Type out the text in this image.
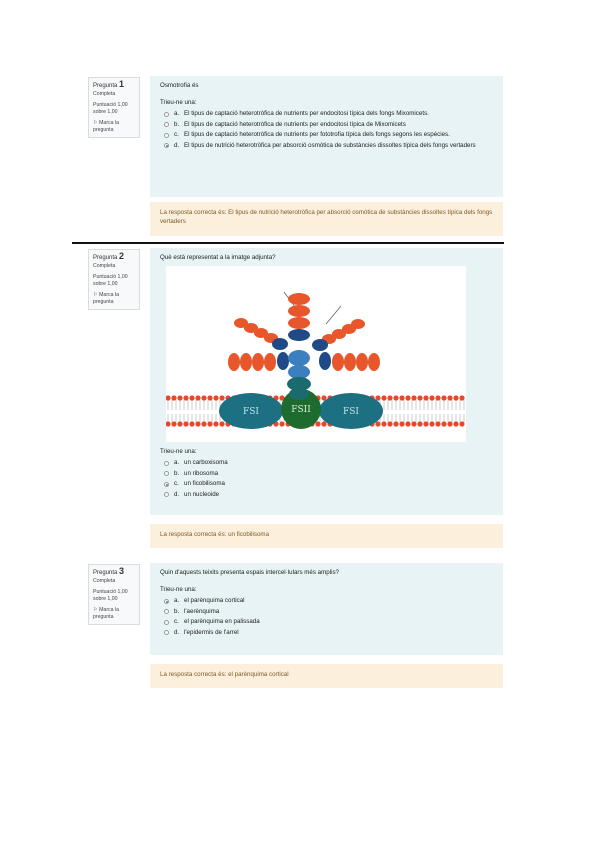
Pregunta 1
Completa
Puntuació 1,00 sobre 1,00
⚐ Marca la pregunta
Osmotrofia és
Trieu-ne una:
a. El tipus de captació heterotròfica de nutrients per endocitosi típica dels fongs Mixomicets.
b. El tipus de captació heterotròfica de nutrients per endocitosi típica de Mixomicets
c. El tipus de captació heterotròfica de nutrients per fototrofia típica dels fongs segons les espècies.
d. El tipus de nutrició heterotròfica per absorció osmòtica de substàncies dissoltes típica dels fongs vertaders
La resposta correcta és: El tipus de nutrició heterotròfica per absorció osmòtica de substàncies dissoltes típica dels fongs vertaders
Pregunta 2
Completa
Puntuació 1,00 sobre 1,00
⚐ Marca la pregunta
Què està representat a la imatge adjunta?
FSI	FSII	FSI
Trieu-ne una:
a. un carboxisoma
b. un ribosoma
c. un ficobilisoma
d. un nucleoide
La resposta correcta és: un ficobilisoma
Pregunta 3
Completa
Puntuació 1,00 sobre 1,00
⚐ Marca la pregunta
Quin d'aquests teixits presenta espais intercel·lulars més amplis?
Trieu-ne una:
a. el parènquima cortical
b. l'aerènquima
c. el parènquima en palissada
d. l'epidermis de l'arrel
La resposta correcta és: el parènquima cortical
